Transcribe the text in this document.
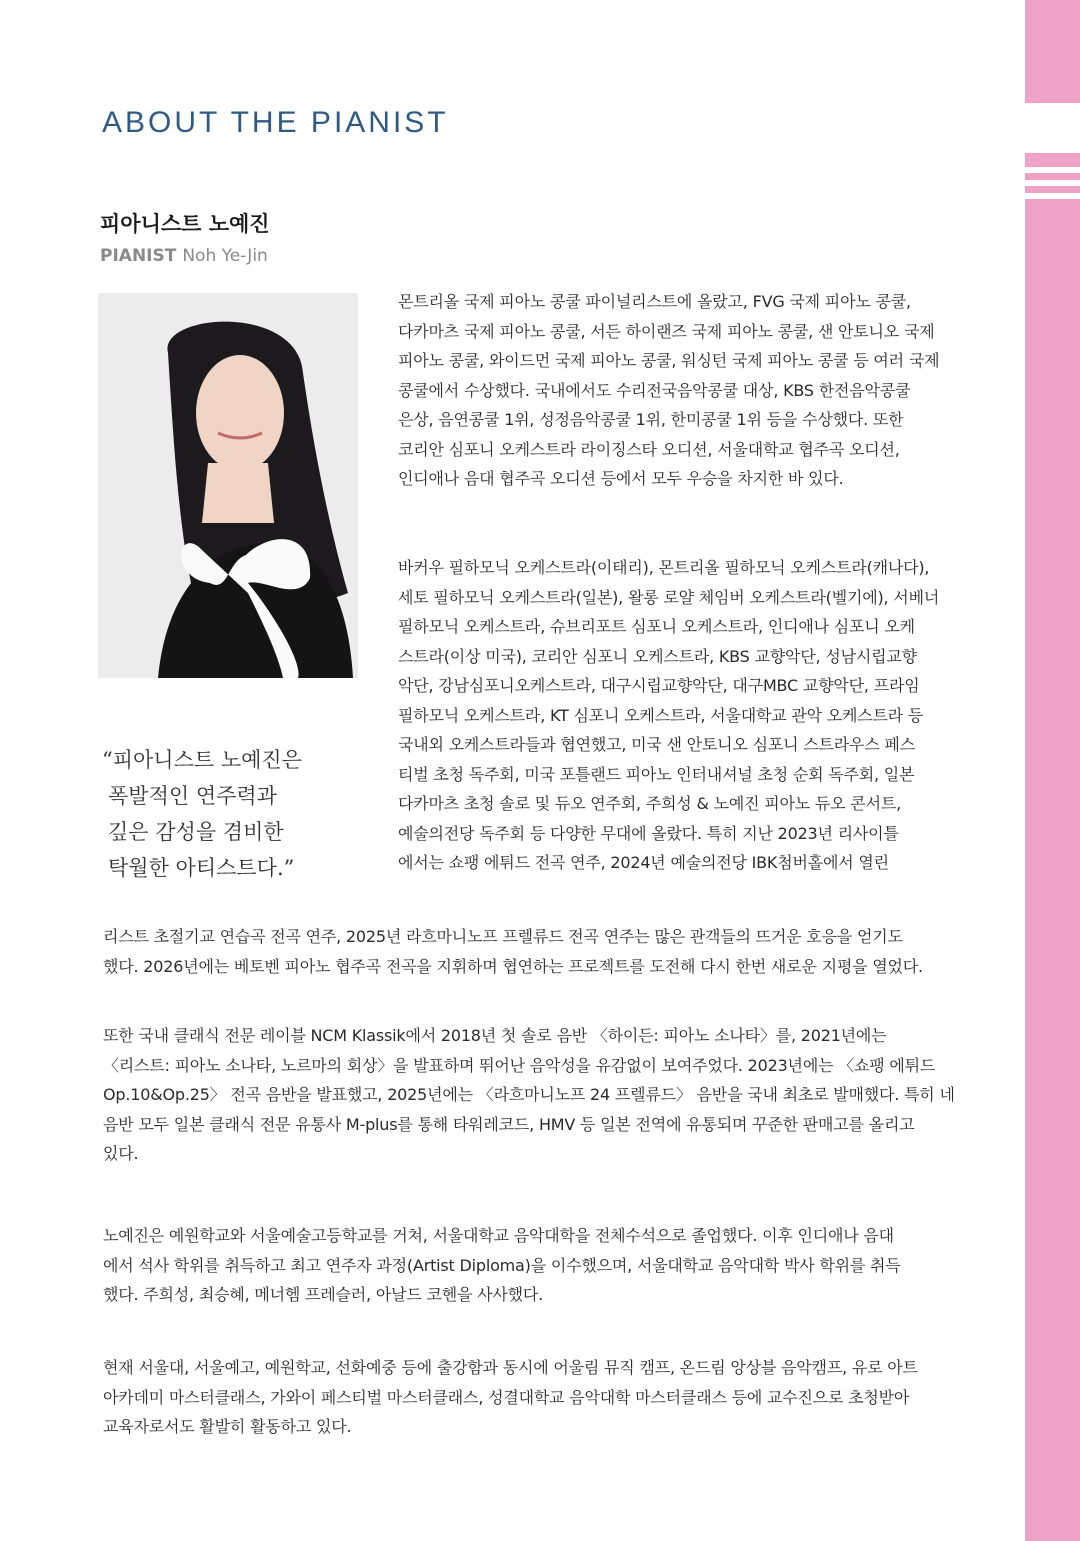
ABOUT THE PIANIST
피아니스트 노예진
PIANIST Noh Ye-Jin

“피아니스트 노예진은

폭발적인 연주력과

깊은 감성을 겸비한

탁월한 아티스트다.”

몬트리올 국제 피아노 콩쿨 파이널리스트에 올랐고, FVG 국제 피아노 콩쿨,

다카마츠 국제 피아노 콩쿨, 서든 하이랜즈 국제 피아노 콩쿨, 샌 안토니오 국제

피아노 콩쿨, 와이드먼 국제 피아노 콩쿨, 워싱턴 국제 피아노 콩쿨 등 여러 국제

콩쿨에서 수상했다. 국내에서도 수리전국음악콩쿨 대상, KBS 한전음악콩쿨

은상, 음연콩쿨 1위, 성정음악콩쿨 1위, 한미콩쿨 1위 등을 수상했다. 또한

코리안 심포니 오케스트라 라이징스타 오디션, 서울대학교 협주곡 오디션,

인디애나 음대 협주곡 오디션 등에서 모두 우승을 차지한 바 있다.

바커우 필하모닉 오케스트라(이태리), 몬트리올 필하모닉 오케스트라(캐나다),

세토 필하모닉 오케스트라(일본), 왈롱 로얄 체임버 오케스트라(벨기에), 서베너

필하모닉 오케스트라, 슈브리포트 심포니 오케스트라, 인디애나 심포니 오케

스트라(이상 미국), 코리안 심포니 오케스트라, KBS 교향악단, 성남시립교향

악단, 강남심포니오케스트라, 대구시립교향악단, 대구MBC 교향악단, 프라임

필하모닉 오케스트라, KT 심포니 오케스트라, 서울대학교 관악 오케스트라 등

국내외 오케스트라들과 협연했고, 미국 샌 안토니오 심포니 스트라우스 페스

티벌 초청 독주회, 미국 포틀랜드 피아노 인터내셔널 초청 순회 독주회, 일본

다카마츠 초청 솔로 및 듀오 연주회, 주희성 & 노예진 피아노 듀오 콘서트,

예술의전당 독주회 등 다양한 무대에 올랐다. 특히 지난 2023년 리사이틀

에서는 쇼팽 에튀드 전곡 연주, 2024년 예술의전당 IBK첨버홀에서 열린

리스트 초절기교 연습곡 전곡 연주, 2025년 라흐마니노프 프렐류드 전곡 연주는 많은 관객들의 뜨거운 호응을 얻기도

했다. 2026년에는 베토벤 피아노 협주곡 전곡을 지휘하며 협연하는 프로젝트를 도전해 다시 한번 새로운 지평을 열었다.

또한 국내 클래식 전문 레이블 NCM Klassik에서 2018년 첫 솔로 음반 〈하이든: 피아노 소나타〉를, 2021년에는

〈리스트: 피아노 소나타, 노르마의 회상〉을 발표하며 뛰어난 음악성을 유감없이 보여주었다. 2023년에는 〈쇼팽 에튀드

Op.10&Op.25〉 전곡 음반을 발표했고, 2025년에는 〈라흐마니노프 24 프렐류드〉 음반을 국내 최초로 발매했다. 특히 네

음반 모두 일본 클래식 전문 유통사 M-plus를 통해 타워레코드, HMV 등 일본 전역에 유통되며 꾸준한 판매고를 올리고

있다.

노예진은 예원학교와 서울예술고등학교를 거쳐, 서울대학교 음악대학을 전체수석으로 졸업했다. 이후 인디애나 음대

에서 석사 학위를 취득하고 최고 연주자 과정(Artist Diploma)을 이수했으며, 서울대학교 음악대학 박사 학위를 취득

했다. 주희성, 최승혜, 메너헴 프레슬러, 아날드 코헨을 사사했다.

현재 서울대, 서울예고, 예원학교, 선화예중 등에 출강함과 동시에 어울림 뮤직 캠프, 온드림 앙상블 음악캠프, 유로 아트

아카데미 마스터클래스, 가와이 페스티벌 마스터클래스, 성결대학교 음악대학 마스터클래스 등에 교수진으로 초청받아

교육자로서도 활발히 활동하고 있다.
